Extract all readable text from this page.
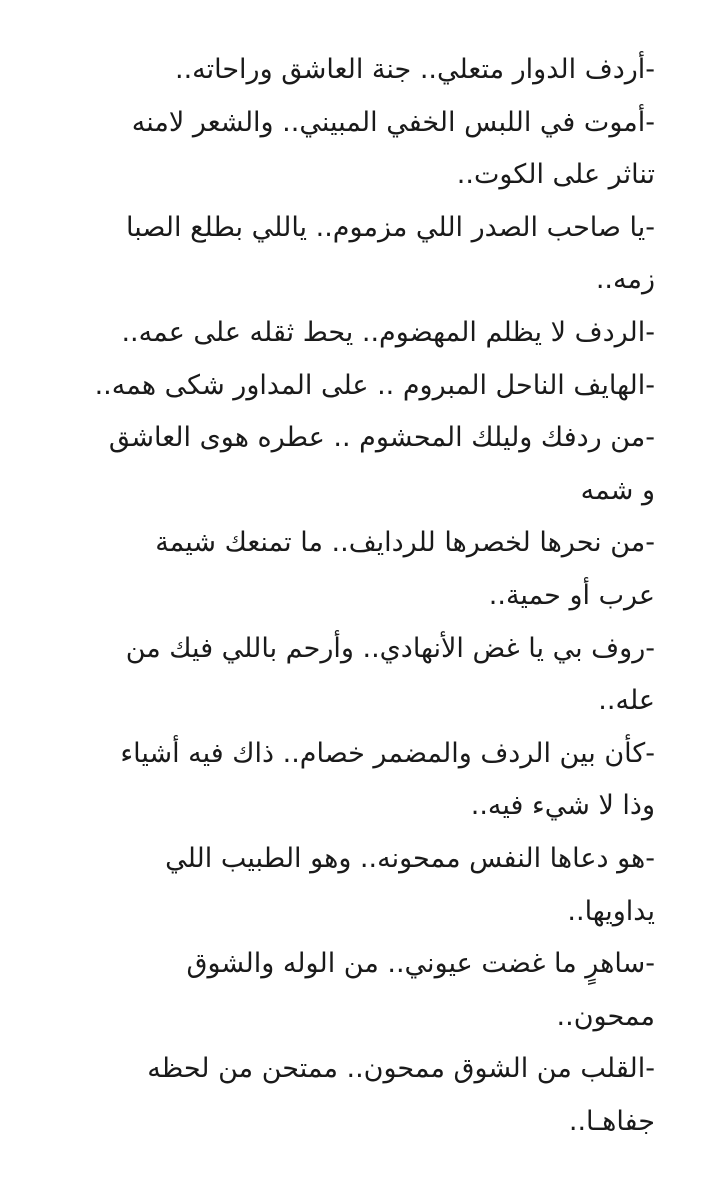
-أردف الدوار متعلي.. جنة العاشق وراحاته..
-أموت في اللبس الخفي المبيني.. والشعر لامنه
تناثر على الكوت..
-يا صاحب الصدر اللي مزموم.. ياللي بطلع الصبا
زمه..
-الردف لا يظلم المهضوم.. يحط ثقله على عمه..
-الهايف الناحل المبروم .. على المداور شكى همه..
-من ردفك وليلك المحشوم .. عطره هوى العاشق
و شمه
-من نحرها لخصرها للردايف.. ما تمنعك شيمة
عرب أو حمية..
-روف بي يا غض الأنهادي.. وأرحم باللي فيك من
عله..
-كأن بين الردف والمضمر خصام.. ذاك فيه أشياء
وذا لا شيء فيه..
-هو دعاها النفس ممحونه.. وهو الطبيب اللي
يداويها..
-ساهرٍ ما غضت عيوني.. من الوله والشوق
ممحون..
-القلب من الشوق ممحون.. ممتحن من لحظه
جفاهـا..
